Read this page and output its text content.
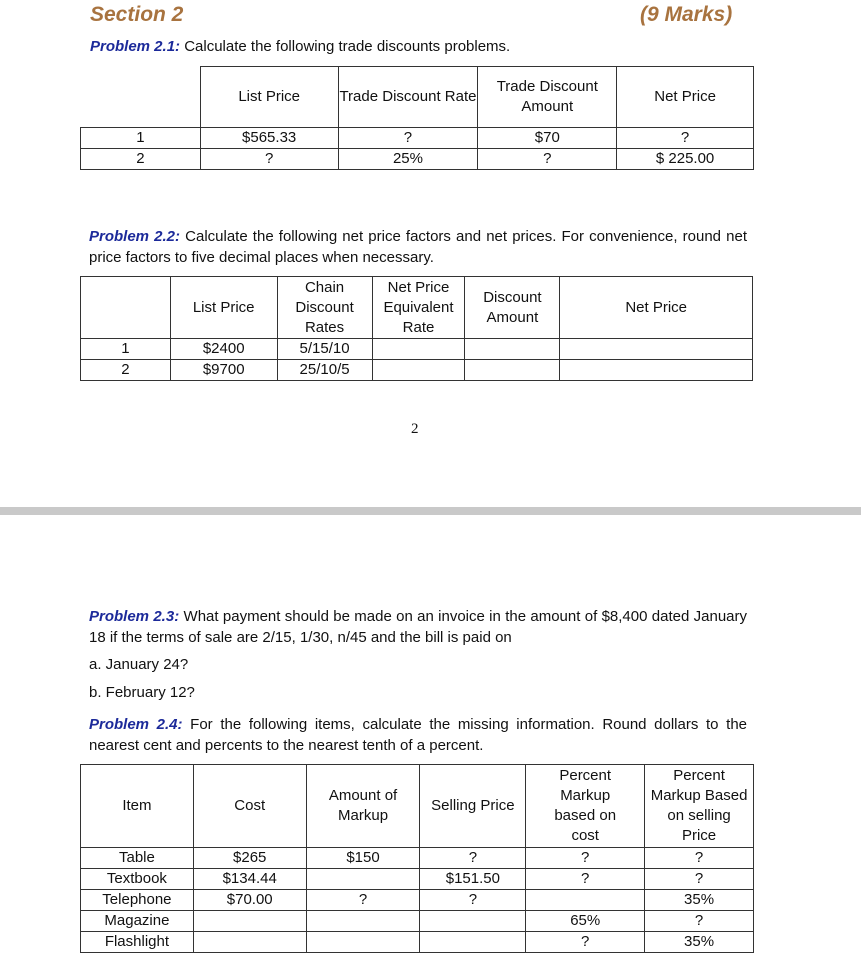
Section 2	(9 Marks)
Problem 2.1: Calculate the following trade discounts problems.
	List Price	Trade Discount Rate	Trade Discount Amount	Net Price
1	$565.33	?	$70	?
2	?	25%	?	$ 225.00
Problem 2.2: Calculate the following net price factors and net prices. For convenience, round net price factors to five decimal places when necessary.
	List Price	Chain Discount Rates	Net Price Equivalent Rate	Discount Amount	Net Price
1	$2400	5/15/10			
2	$9700	25/10/5			
2
Problem 2.3: What payment should be made on an invoice in the amount of $8,400 dated January 18 if the terms of sale are 2/15, 1/30, n/45 and the bill is paid on
a. January 24?
b. February 12?
Problem 2.4: For the following items, calculate the missing information. Round dollars to the nearest cent and percents to the nearest tenth of a percent.
Item	Cost	Amount of Markup	Selling Price	Percent Markup based on cost	Percent Markup Based on selling Price
Table	$265	$150	?	?	?
Textbook	$134.44		$151.50	?	?
Telephone	$70.00	?	?		35%
Magazine				65%	?
Flashlight				?	35%
